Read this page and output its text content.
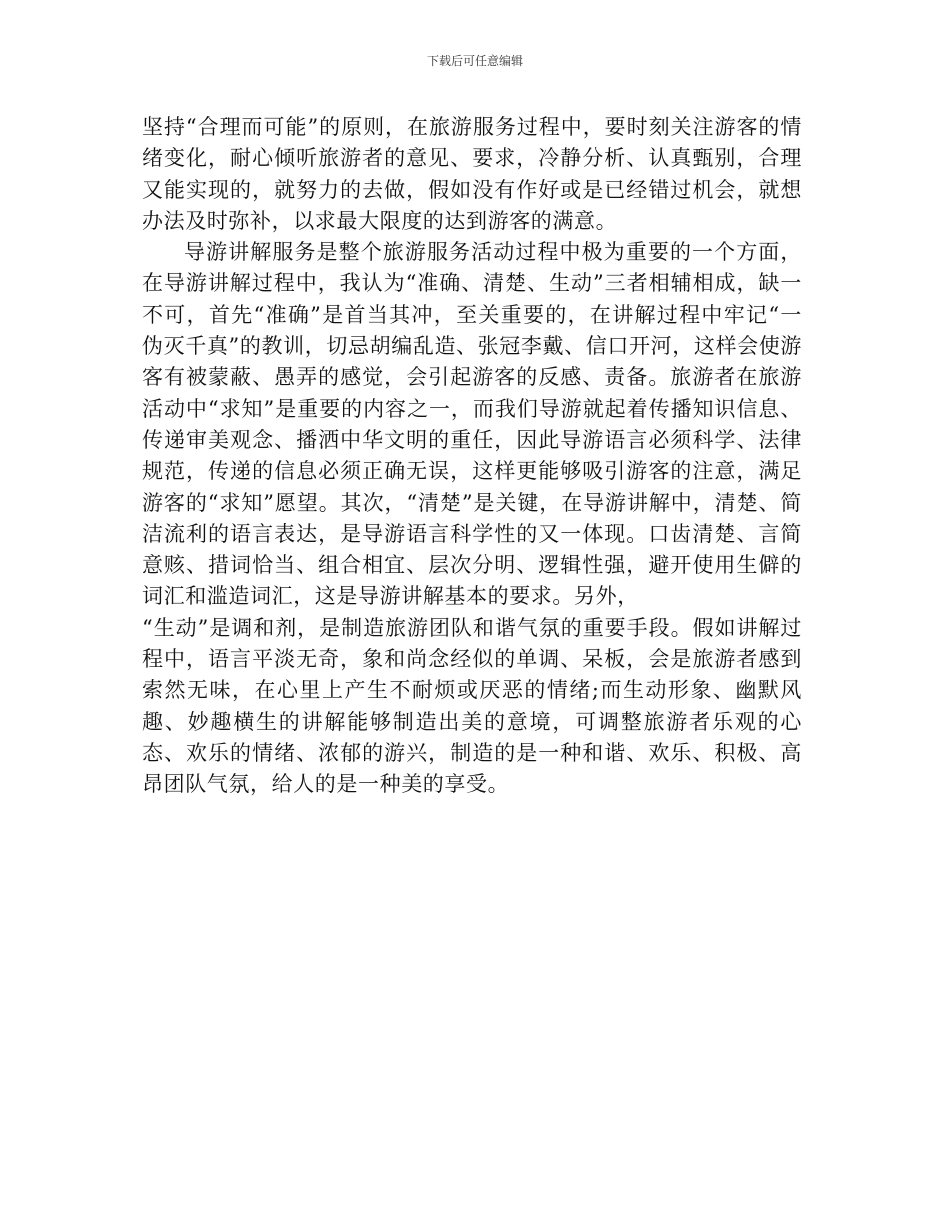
下载后可任意编辑

坚持“合理而可能”的原则，在旅游服务过程中，要时刻关注游客的情绪变化，耐心倾听旅游者的意见、要求，冷静分析、认真甄别，合理又能实现的，就努力的去做，假如没有作好或是已经错过机会，就想办法及时弥补，以求最大限度的达到游客的满意。

导游讲解服务是整个旅游服务活动过程中极为重要的一个方面，在导游讲解过程中，我认为“准确、清楚、生动”三者相辅相成，缺一不可，首先“准确”是首当其冲，至关重要的，在讲解过程中牢记“一伪灭千真”的教训，切忌胡编乱造、张冠李戴、信口开河，这样会使游客有被蒙蔽、愚弄的感觉，会引起游客的反感、责备。旅游者在旅游活动中“求知”是重要的内容之一，而我们导游就起着传播知识信息、传递审美观念、播洒中华文明的重任，因此导游语言必须科学、法律规范，传递的信息必须正确无误，这样更能够吸引游客的注意，满足游客的“求知”愿望。其次，“清楚”是关键，在导游讲解中，清楚、简洁流利的语言表达，是导游语言科学性的又一体现。口齿清楚、言简意赅、措词恰当、组合相宜、层次分明、逻辑性强，避开使用生僻的词汇和滥造词汇，这是导游讲解基本的要求。另外，
“生动”是调和剂，是制造旅游团队和谐气氛的重要手段。假如讲解过程中，语言平淡无奇，象和尚念经似的单调、呆板，会是旅游者感到索然无味，在心里上产生不耐烦或厌恶的情绪;而生动形象、幽默风趣、妙趣横生的讲解能够制造出美的意境，可调整旅游者乐观的心态、欢乐的情绪、浓郁的游兴，制造的是一种和谐、欢乐、积极、高昂团队气氛，给人的是一种美的享受。
